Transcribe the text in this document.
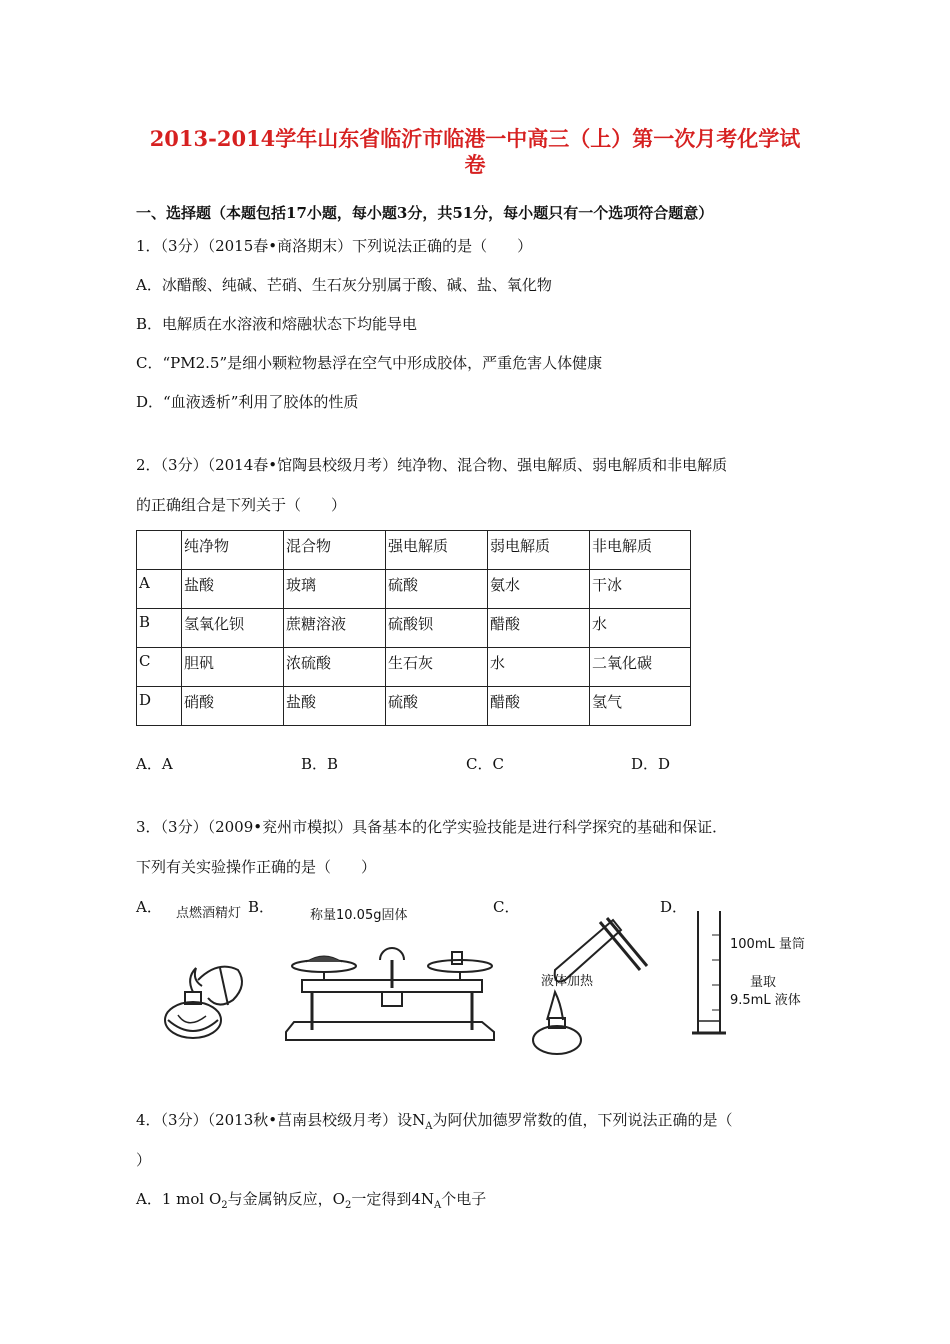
2013-2014学年山东省临沂市临港一中高三（上）第一次月考化学试
卷
一、选择题（本题包括17小题，每小题3分，共51分，每小题只有一个选项符合题意）
1．（3分）（2015春•商洛期末）下列说法正确的是（　　）
A．冰醋酸、纯碱、芒硝、生石灰分别属于酸、碱、盐、氧化物
B．电解质在水溶液和熔融状态下均能导电
C．“PM2.5”是细小颗粒物悬浮在空气中形成胶体，严重危害人体健康
D．“血液透析”利用了胶体的性质
2．（3分）（2014春•馆陶县校级月考）纯净物、混合物、强电解质、弱电解质和非电解质
的正确组合是下列关于（　　）

	纯净物	混合物	强电解质	弱电解质	非电解质

A	盐酸	玻璃	硫酸	氨水	干冰

B	氢氧化钡	蔗糖溶液	硫酸钡	醋酸	水

C	胆矾	浓硫酸	生石灰	水	二氧化碳

D	硝酸	盐酸	硫酸	醋酸	氢气
A．A	B．B	C．C	D．D
3．（3分）（2009•兖州市模拟）具备基本的化学实验技能是进行科学探究的基础和保证．
下列有关实验操作正确的是（　　）
A．	B．	C．	D．
点燃酒精灯	称量10.05g固体
液体加热
100mL 量筒
量取
9.5mL 液体
4．（3分）（2013秋•莒南县校级月考）设$N_A$为阿伏加德罗常数的值，下列说法正确的是（
）
A．1 mol $O_2$与金属钠反应，$O_2$一定得到$4N_A$个电子
